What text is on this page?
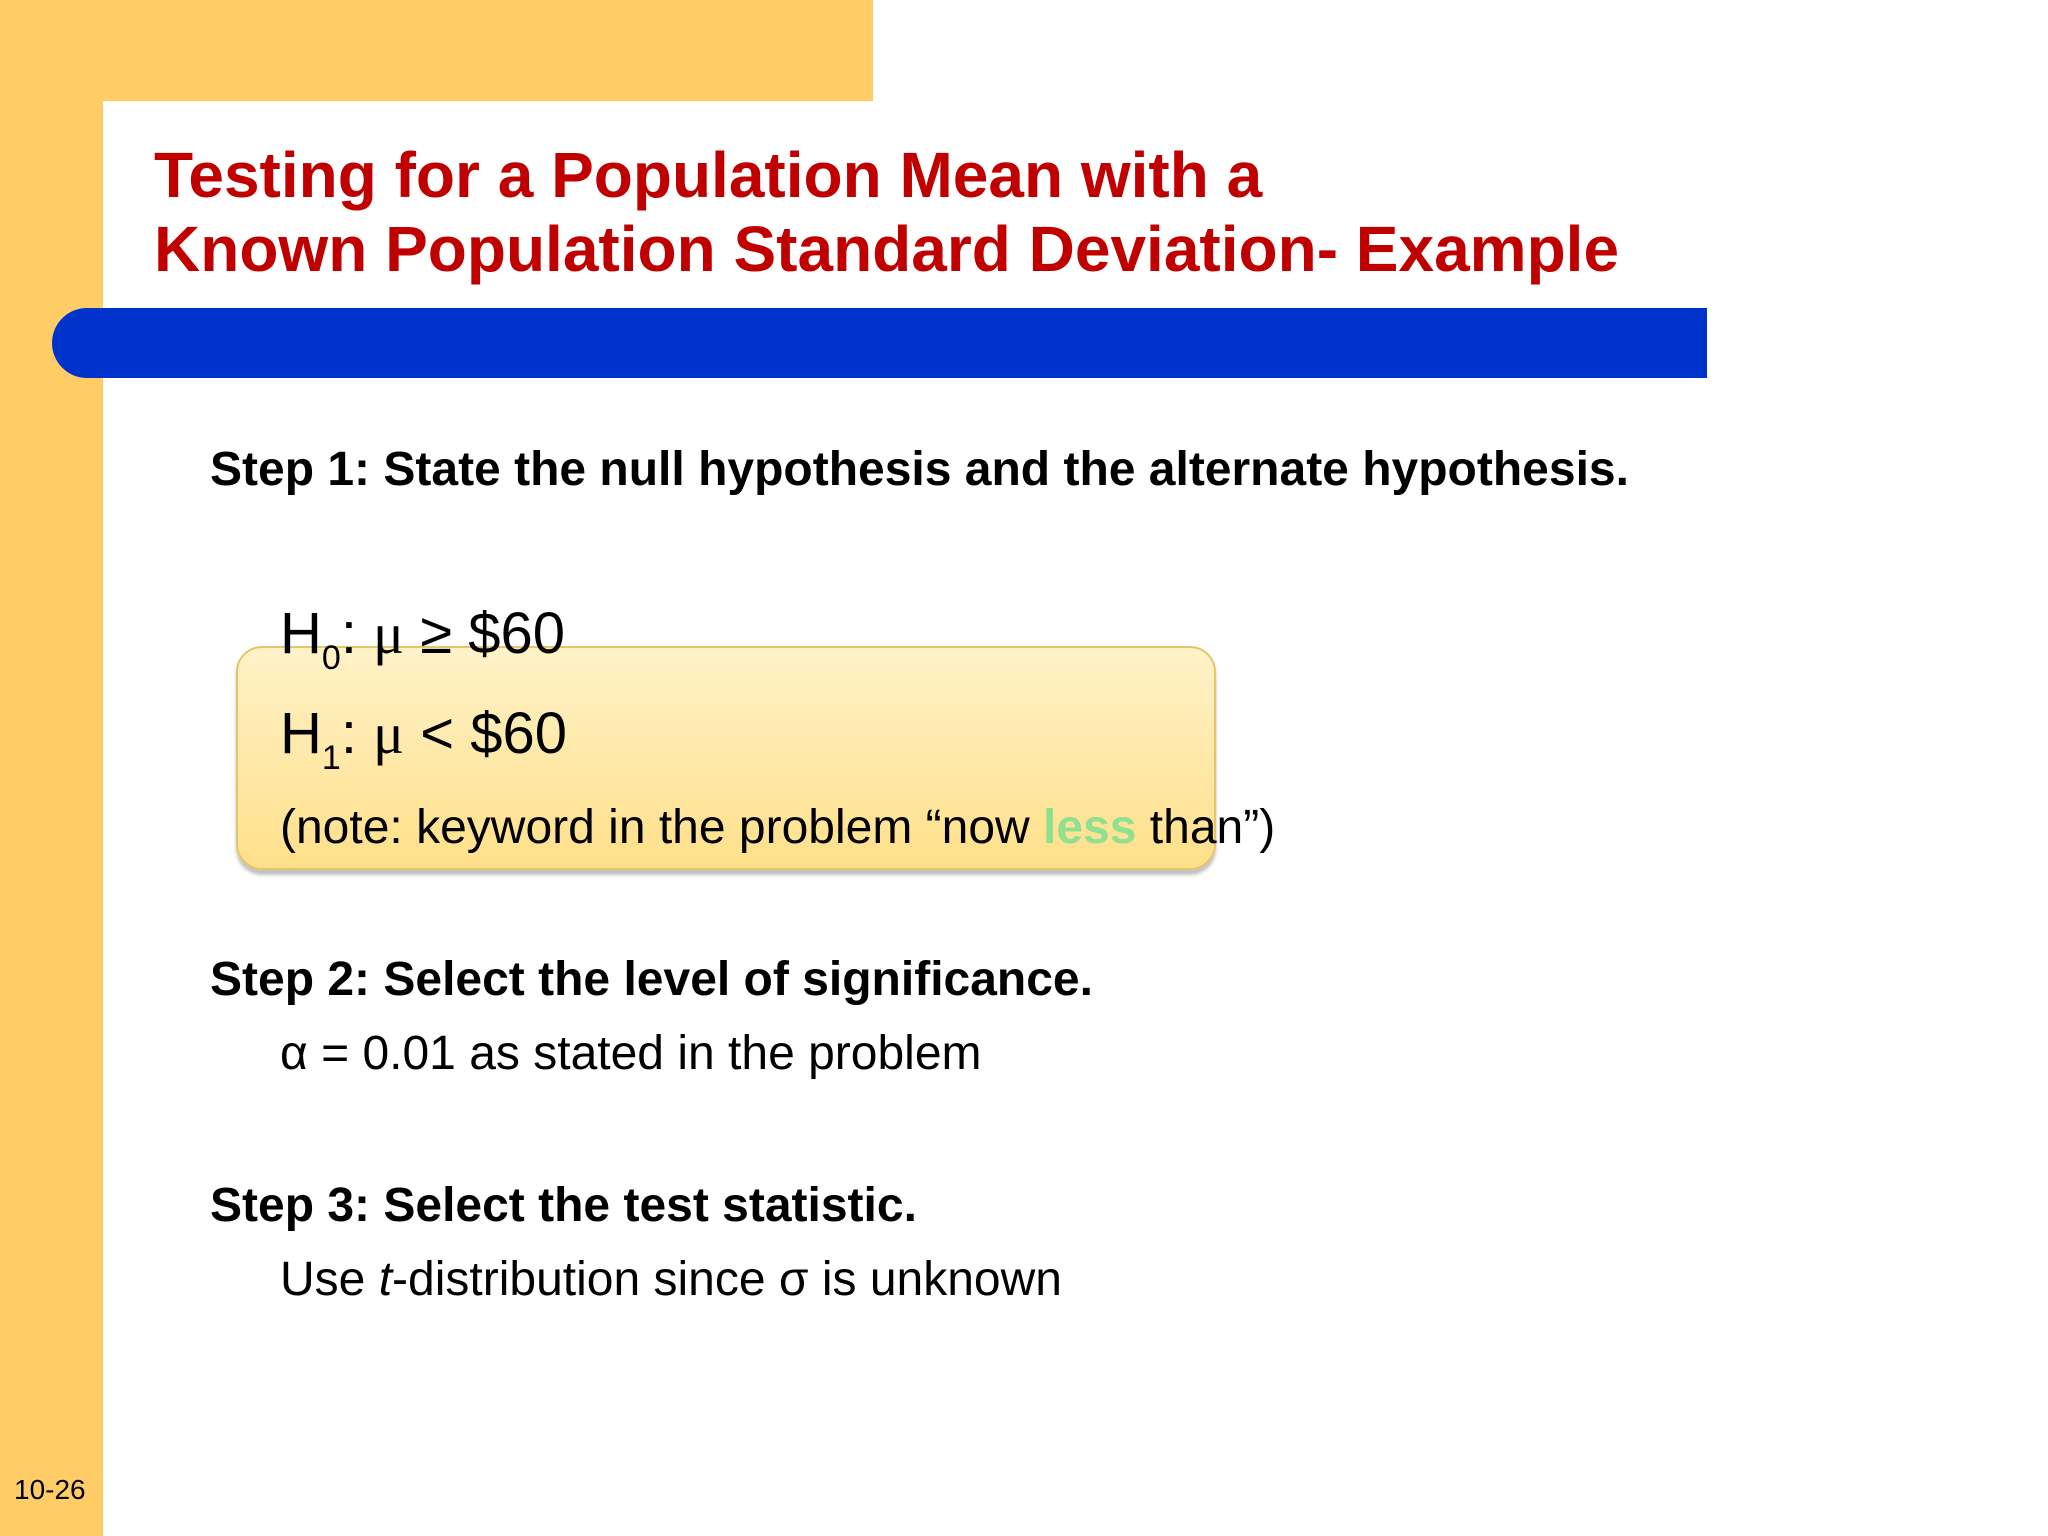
Testing for a Population Mean with a
Known Population Standard Deviation- Example

Step 1: State the null hypothesis and the alternate hypothesis.

$H_0$: μ ≥ $60
$H_1$: μ < $60
(note: keyword in the problem “now less than”)

Step 2: Select the level of significance.

α = 0.01 as stated in the problem

Step 3: Select the test statistic.

Use t-distribution since σ is unknown
10-26
